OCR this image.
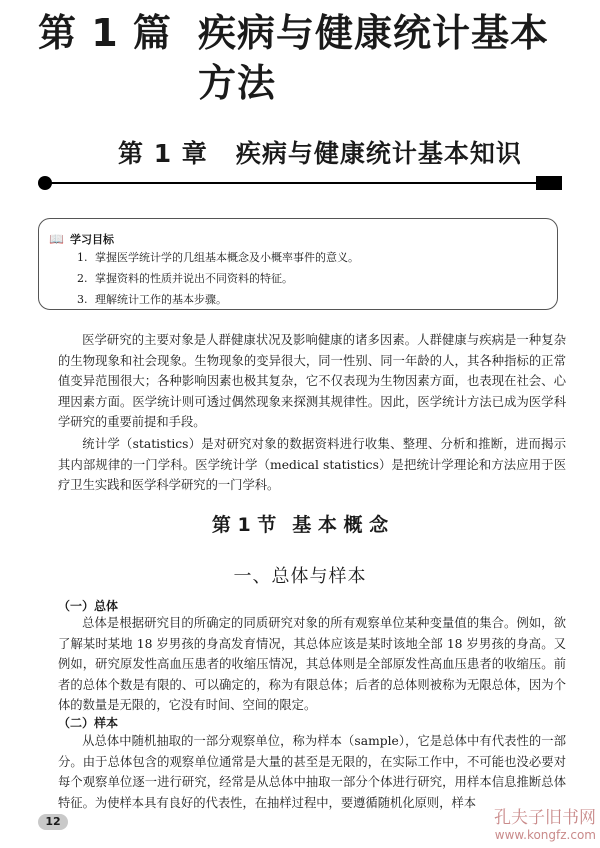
第 1 篇 疾病与健康统计基本
方法
第 1 章 疾病与健康统计基本知识
📖 学习目标
1. 掌握医学统计学的几组基本概念及小概率事件的意义。
2. 掌握资料的性质并说出不同资料的特征。
3. 理解统计工作的基本步骤。

医学研究的主要对象是人群健康状况及影响健康的诸多因素。人群健康与疾病是一种复杂的生物现象和社会现象。生物现象的变异很大，同一性别、同一年龄的人，其各种指标的正常值变异范围很大；各种影响因素也极其复杂，它不仅表现为生物因素方面，也表现在社会、心理因素方面。医学统计则可透过偶然现象来探测其规律性。因此，医学统计方法已成为医学科学研究的重要前提和手段。

统计学（statistics）是对研究对象的数据资料进行收集、整理、分析和推断，进而揭示其内部规律的一门学科。医学统计学（medical statistics）是把统计学理论和方法应用于医疗卫生实践和医学科学研究的一门学科。

第 1 节 基 本 概 念
一、总体与样本
（一）总体

总体是根据研究目的所确定的同质研究对象的所有观察单位某种变量值的集合。例如，欲了解某时某地 18 岁男孩的身高发育情况，其总体应该是某时该地全部 18 岁男孩的身高。又例如，研究原发性高血压患者的收缩压情况，其总体则是全部原发性高血压患者的收缩压。前者的总体个数是有限的、可以确定的，称为有限总体；后者的总体则被称为无限总体，因为个体的数量是无限的，它没有时间、空间的限定。

（二）样本

从总体中随机抽取的一部分观察单位，称为样本（sample），它是总体中有代表性的一部分。由于总体包含的观察单位通常是大量的甚至是无限的，在实际工作中，不可能也没必要对每个观察单位逐一进行研究，经常是从总体中抽取一部分个体进行研究，用样本信息推断总体特征。为使样本具有良好的代表性，在抽样过程中，要遵循随机化原则，样本

12	孔夫子旧书网
www.kongfz.com
